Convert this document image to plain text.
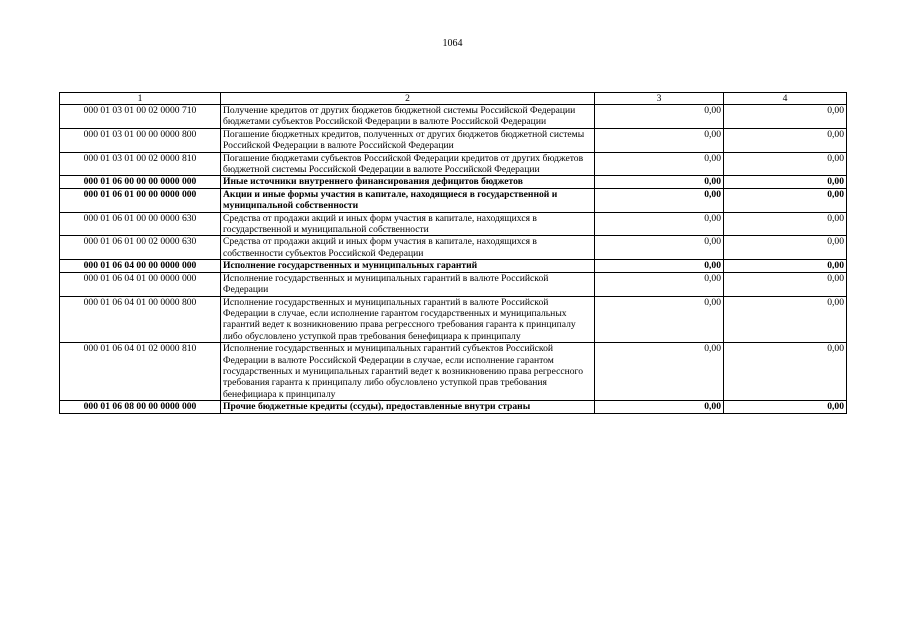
1064
1	2	3	4
000 01 03 01 00 02 0000 710	Получение кредитов от других бюджетов бюджетной системы Российской Федерации бюджетами субъектов Российской Федерации в валюте Российской Федерации	0,00	0,00
000 01 03 01 00 00 0000 800	Погашение бюджетных кредитов, полученных от других бюджетов бюджетной системы Российской Федерации в валюте Российской Федерации	0,00	0,00
000 01 03 01 00 02 0000 810	Погашение бюджетами субъектов Российской Федерации кредитов от других бюджетов бюджетной системы Российской Федерации в валюте Российской Федерации	0,00	0,00
000 01 06 00 00 00 0000 000	Иные источники внутреннего финансирования дефицитов бюджетов	0,00	0,00
000 01 06 01 00 00 0000 000	Акции и иные формы участия в капитале, находящиеся в государственной и муниципальной собственности	0,00	0,00
000 01 06 01 00 00 0000 630	Средства от продажи акций и иных форм участия в капитале, находящихся в государственной и муниципальной собственности	0,00	0,00
000 01 06 01 00 02 0000 630	Средства от продажи акций и иных форм участия в капитале, находящихся в собственности субъектов Российской Федерации	0,00	0,00
000 01 06 04 00 00 0000 000	Исполнение государственных и муниципальных гарантий	0,00	0,00
000 01 06 04 01 00 0000 000	Исполнение государственных и муниципальных гарантий в валюте Российской Федерации	0,00	0,00
000 01 06 04 01 00 0000 800	Исполнение государственных и муниципальных гарантий в валюте Российской Федерации в случае, если исполнение гарантом государственных и муниципальных гарантий ведет к возникновению права регрессного требования гаранта к принципалу либо обусловлено уступкой прав требования бенефициара к принципалу	0,00	0,00
000 01 06 04 01 02 0000 810	Исполнение государственных и муниципальных гарантий субъектов Российской Федерации в валюте Российской Федерации в случае, если исполнение гарантом государственных и муниципальных гарантий ведет к возникновению права регрессного требования гаранта к принципалу либо обусловлено уступкой прав требования бенефициара к принципалу	0,00	0,00
000 01 06 08 00 00 0000 000	Прочие бюджетные кредиты (ссуды), предоставленные внутри страны	0,00	0,00
